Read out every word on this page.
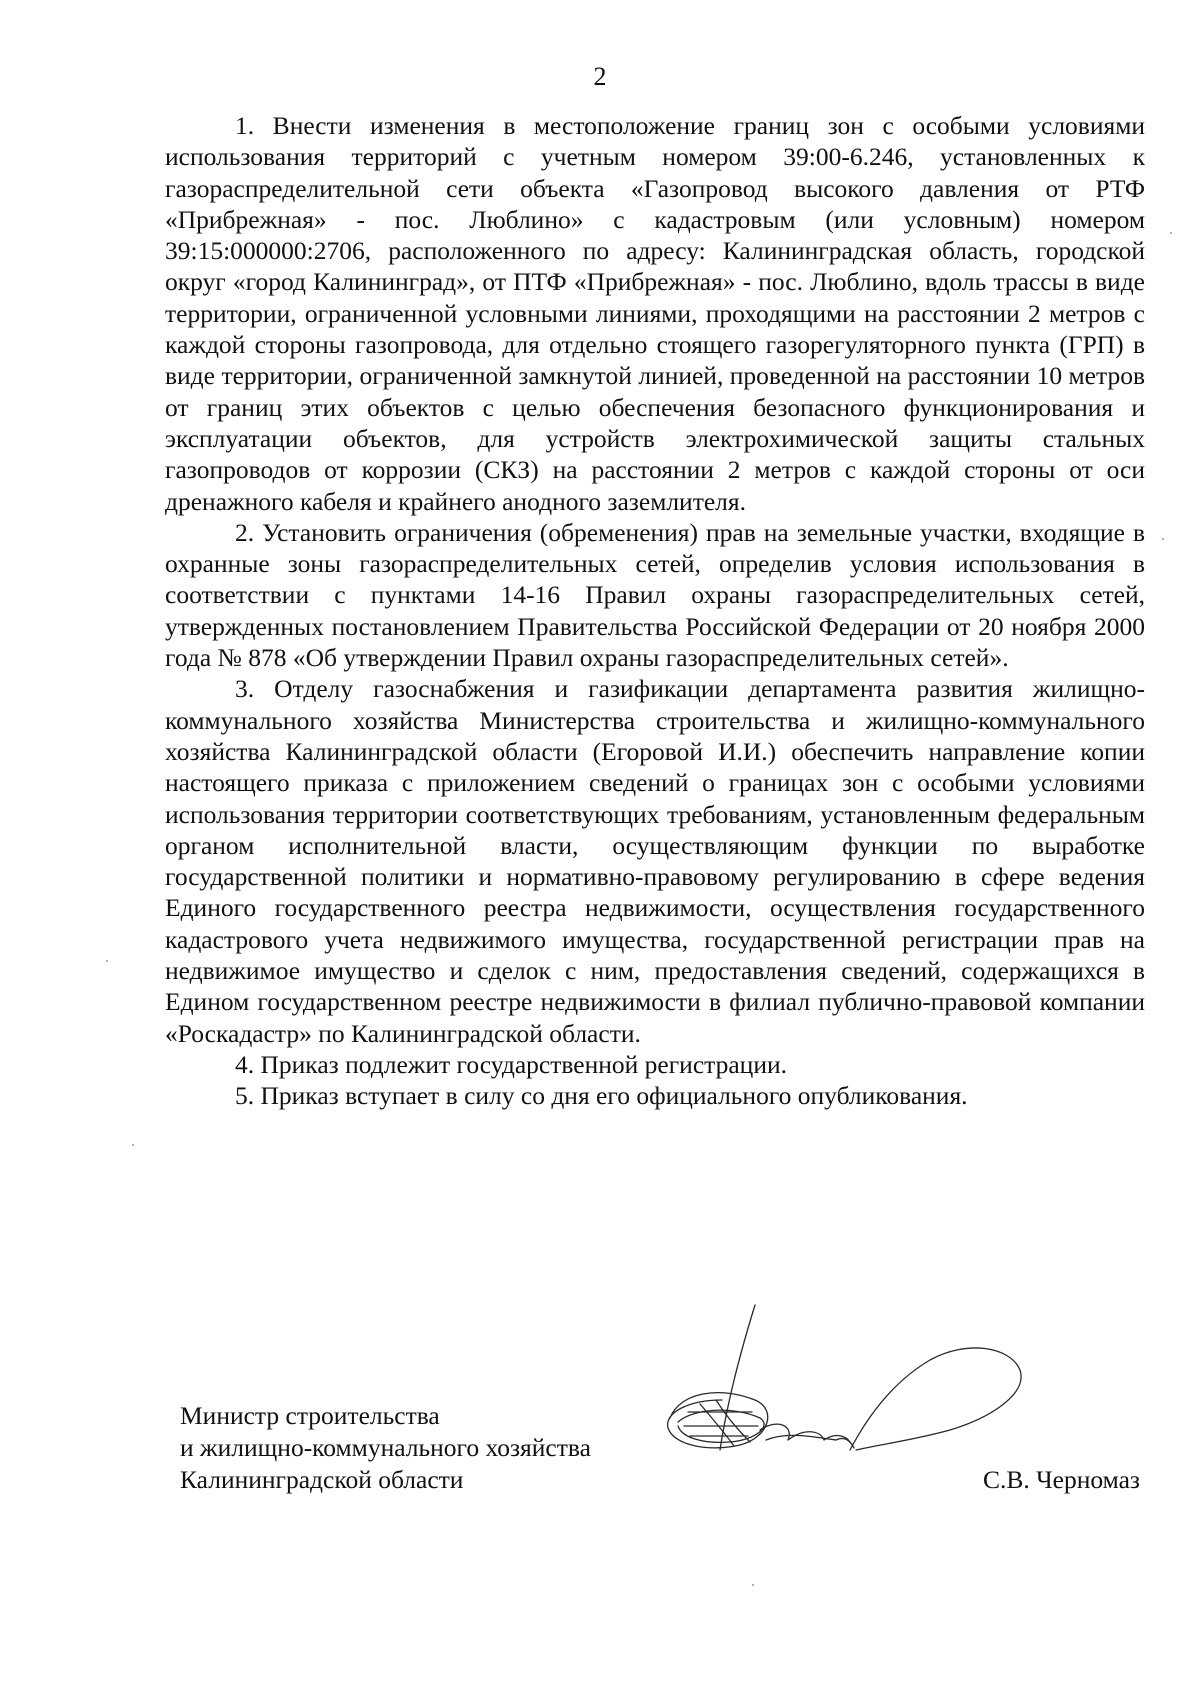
2

1. Внести изменения в местоположение границ зон с особыми условиями использования территорий с учетным номером 39:00-6.246, установленных к газораспределительной сети объекта «Газопровод высокого давления от РТФ «Прибрежная» - пос. Люблино» с кадастровым (или условным) номером 39:15:000000:2706, расположенного по адресу: Калининградская область, городской округ «город Калининград», от ПТФ «Прибрежная» - пос. Люблино, вдоль трассы в виде территории, ограниченной условными линиями, проходящими на расстоянии 2 метров с каждой стороны газопровода, для отдельно стоящего газорегуляторного пункта (ГРП) в виде территории, ограниченной замкнутой линией, проведенной на расстоянии 10 метров от границ этих объектов с целью обеспечения безопасного функционирования и эксплуатации объектов, для устройств электрохимической защиты стальных газопроводов от коррозии (СКЗ) на расстоянии 2 метров с каждой стороны от оси дренажного кабеля и крайнего анодного заземлителя.

2. Установить ограничения (обременения) прав на земельные участки, входящие в охранные зоны газораспределительных сетей, определив условия использования в соответствии с пунктами 14-16 Правил охраны газораспределительных сетей, утвержденных постановлением Правительства Российской Федерации от 20 ноября 2000 года № 878 «Об утверждении Правил охраны газораспределительных сетей».

3. Отделу газоснабжения и газификации департамента развития жилищно-коммунального хозяйства Министерства строительства и жилищно-коммунального хозяйства Калининградской области (Егоровой И.И.) обеспечить направление копии настоящего приказа с приложением сведений о границах зон с особыми условиями использования территории соответствующих требованиям, установленным федеральным органом исполнительной власти, осуществляющим функции по выработке государственной политики и нормативно-правовому регулированию в сфере ведения Единого государственного реестра недвижимости, осуществления государственного кадастрового учета недвижимого имущества, государственной регистрации прав на недвижимое имущество и сделок с ним, предоставления сведений, содержащихся в Едином государственном реестре недвижимости в филиал публично-правовой компании «Роскадастр» по Калининградской области.

4. Приказ подлежит государственной регистрации.

5. Приказ вступает в силу со дня его официального опубликования.

Министр строительства
и жилищно-коммунального хозяйства
Калининградской области	С.В. Черномаз
